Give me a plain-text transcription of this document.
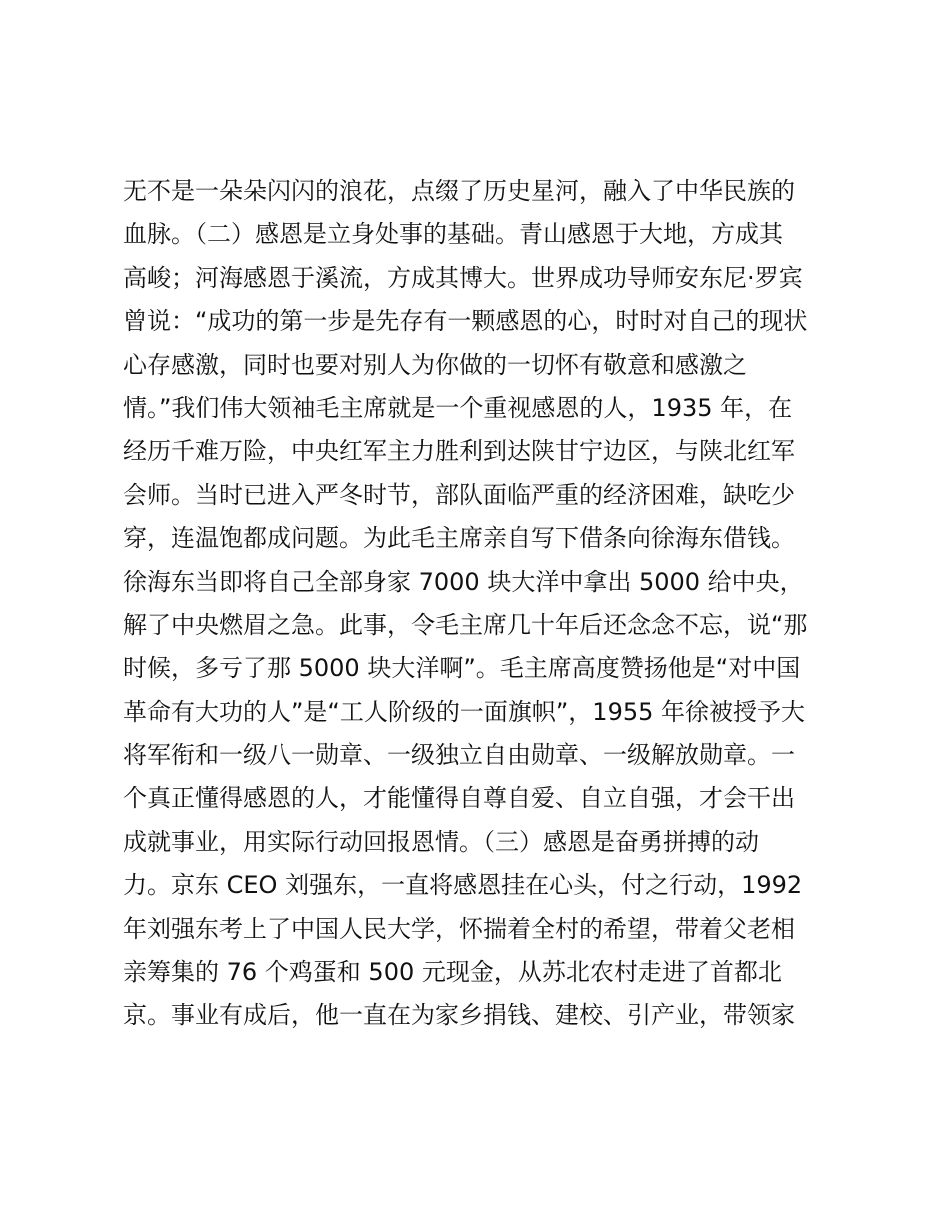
无不是一朵朵闪闪的浪花，点缀了历史星河，融入了中华民族的
血脉。（二）感恩是立身处事的基础。青山感恩于大地，方成其
高峻；河海感恩于溪流，方成其博大。世界成功导师安东尼·罗宾
曾说：“成功的第一步是先存有一颗感恩的心，时时对自己的现状
心存感激，同时也要对别人为你做的一切怀有敬意和感激之
情。”我们伟大领袖毛主席就是一个重视感恩的人，1935 年，在
经历千难万险，中央红军主力胜利到达陕甘宁边区，与陕北红军
会师。当时已进入严冬时节，部队面临严重的经济困难，缺吃少
穿，连温饱都成问题。为此毛主席亲自写下借条向徐海东借钱。
徐海东当即将自己全部身家 7000 块大洋中拿出 5000 给中央，
解了中央燃眉之急。此事，令毛主席几十年后还念念不忘，说“那
时候，多亏了那 5000 块大洋啊”。毛主席高度赞扬他是“对中国
革命有大功的人”是“工人阶级的一面旗帜”，1955 年徐被授予大
将军衔和一级八一勋章、一级独立自由勋章、一级解放勋章。一
个真正懂得感恩的人，才能懂得自尊自爱、自立自强，才会干出
成就事业，用实际行动回报恩情。（三）感恩是奋勇拼搏的动
力。京东 CEO 刘强东，一直将感恩挂在心头，付之行动，1992
年刘强东考上了中国人民大学，怀揣着全村的希望，带着父老相
亲筹集的 76 个鸡蛋和 500 元现金，从苏北农村走进了首都北
京。事业有成后，他一直在为家乡捐钱、建校、引产业，带领家
